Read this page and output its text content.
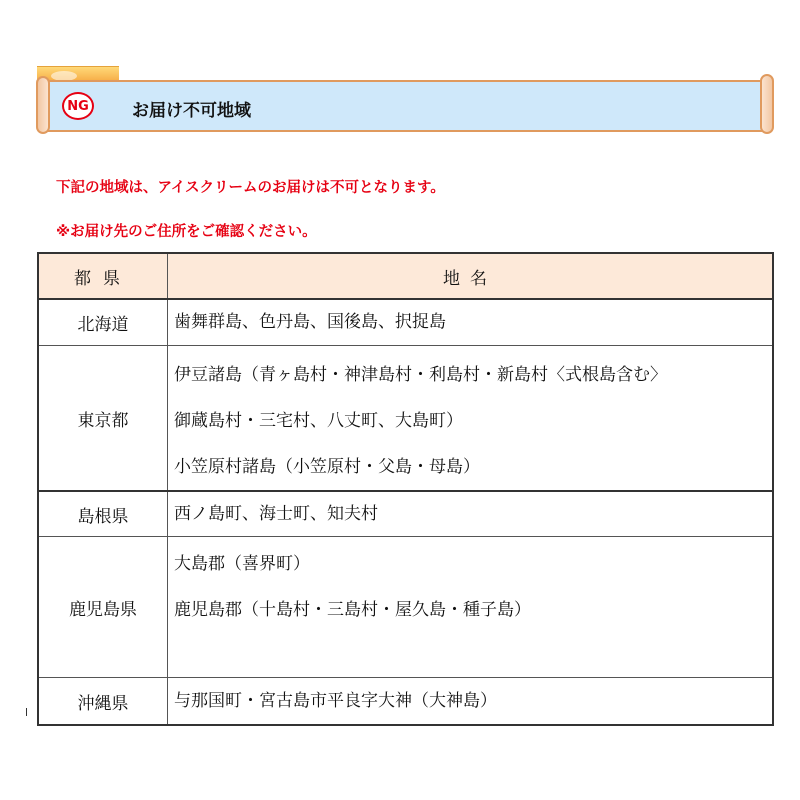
NG	お届け不可地域
下記の地域は、アイスクリームのお届けは不可となります。
※お届け先のご住所をご確認ください。
都県	地名
北海道	歯舞群島、色丹島、国後島、択捉島

東京都	伊豆諸島（青ヶ島村・神津島村・利島村・新島村〈式根島含む〉
御蔵島村・三宅村、八丈町、大島町）
小笠原村諸島（小笠原村・父島・母島）

島根県	西ノ島町、海士町、知夫村

鹿児島県	大島郡（喜界町）
鹿児島郡（十島村・三島村・屋久島・種子島）

沖縄県	与那国町・宮古島市平良字大神（大神島）
